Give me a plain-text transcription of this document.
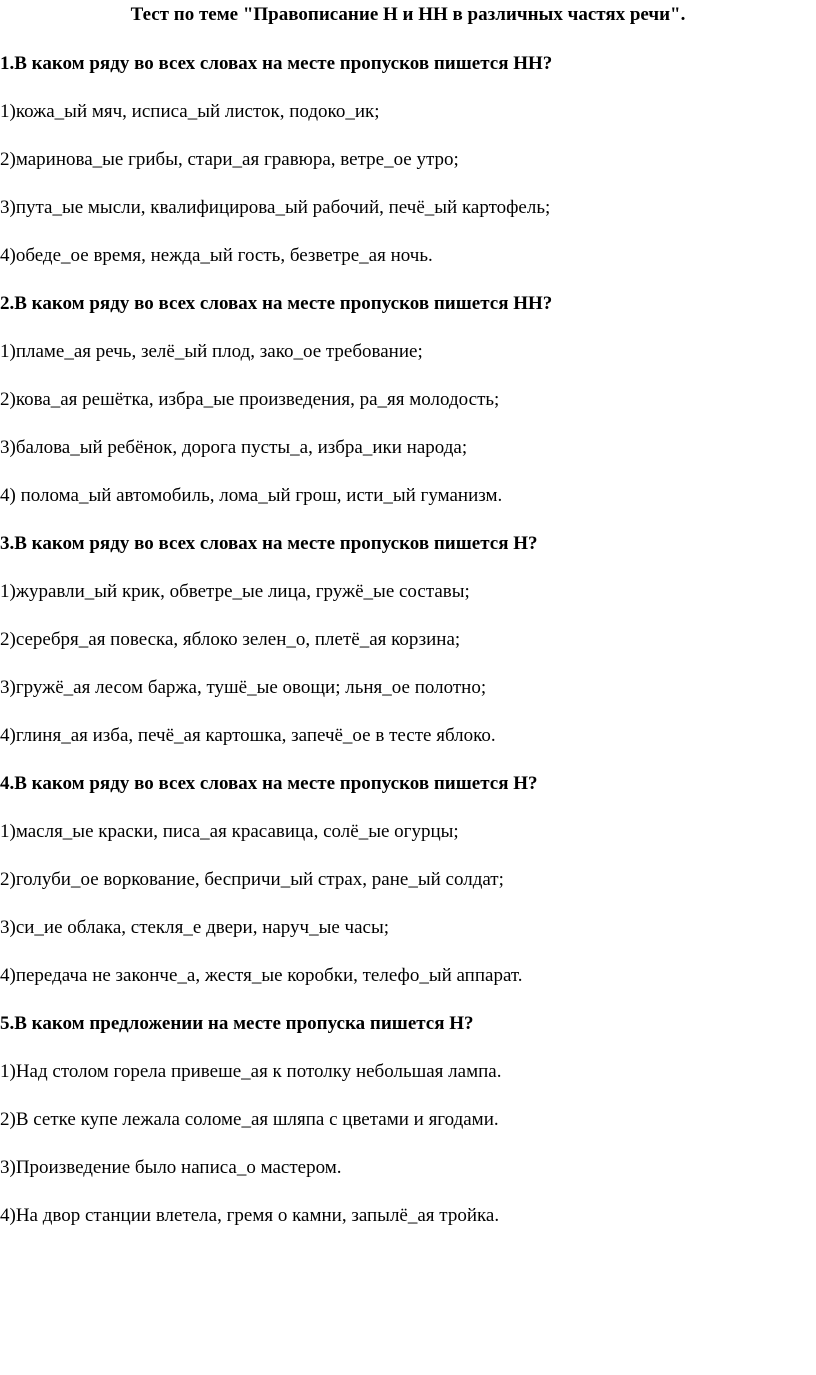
Тест по теме "Правописание Н и НН в различных частях речи".
1.В каком ряду во всех словах на месте пропусков пишется НН?
1)кожа_ый мяч, исписа_ый листок, подоко_ик;
2)маринова_ые грибы, стари_ая гравюра, ветре_ое утро;
3)пута_ые мысли, квалифицирова_ый рабочий, печё_ый картофель;
4)обеде_ое время, нежда_ый гость, безветре_ая ночь.
2.В каком ряду во всех словах на месте пропусков пишется НН?
1)пламе_ая речь, зелё_ый плод, зако_ое требование;
2)кова_ая решётка, избра_ые произведения, ра_яя молодость;
3)балова_ый ребёнок, дорога пусты_а, избра_ики народа;
4) полома_ый автомобиль, лома_ый грош, исти_ый гуманизм.
3.В каком ряду во всех словах на месте пропусков пишется Н?
1)журавли_ый крик, обветре_ые лица, гружё_ые составы;
2)серебря_ая повеска, яблоко зелен_о, плетё_ая корзина;
3)гружё_ая лесом баржа, тушё_ые овощи; льня_ое полотно;
4)глиня_ая изба, печё_ая картошка, запечё_ое в тесте яблоко.
4.В каком ряду во всех словах на месте пропусков пишется Н?
1)масля_ые краски, писа_ая красавица, солё_ые огурцы;
2)голуби_ое воркование, беспричи_ый страх, ране_ый солдат;
3)си_ие облака, стекля_е двери, наруч_ые часы;
4)передача не законче_а, жестя_ые коробки, телефо_ый аппарат.
5.В каком предложении на месте пропуска пишется Н?
1)Над столом горела привеше_ая к потолку небольшая лампа.
2)В сетке купе лежала соломе_ая шляпа с цветами и ягодами.
3)Произведение было написа_о мастером.
4)На двор станции влетела, гремя о камни, запылё_ая тройка.
